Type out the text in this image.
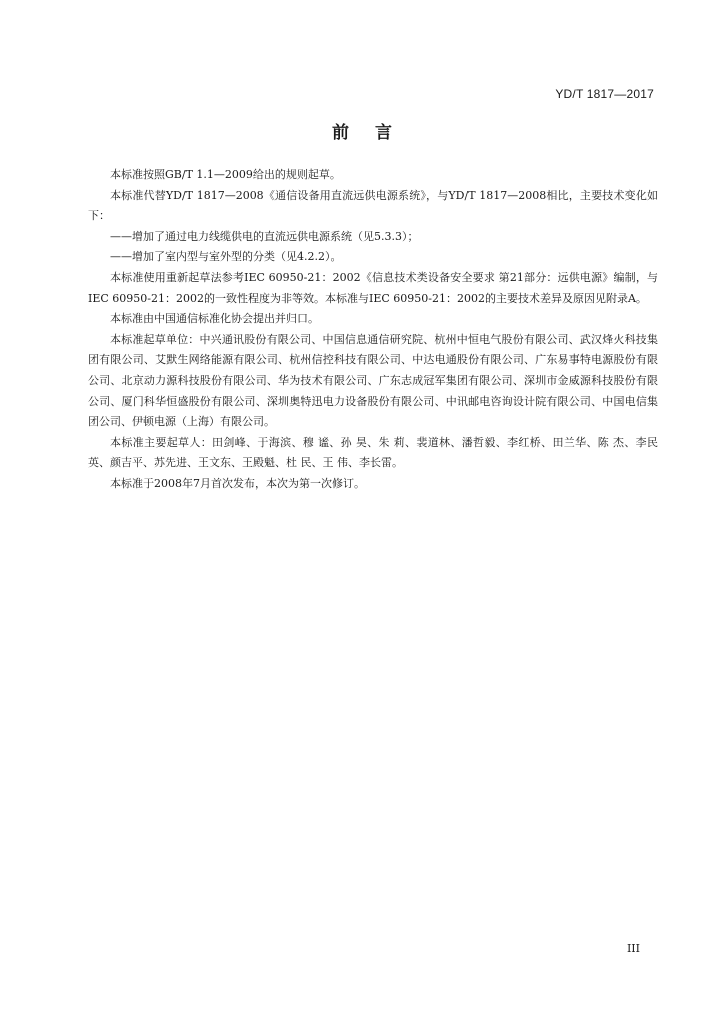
YD/T 1817—2017
前言

本标准按照GB/T 1.1—2009给出的规则起草。

本标准代替YD/T 1817—2008《通信设备用直流远供电源系统》，与YD/T 1817—2008相比，主要技术变化如下：

——增加了通过电力线缆供电的直流远供电源系统（见5.3.3）；

——增加了室内型与室外型的分类（见4.2.2）。

本标准使用重新起草法参考IEC 60950-21：2002《信息技术类设备安全要求 第21部分：远供电源》编制，与IEC 60950-21：2002的一致性程度为非等效。本标准与IEC 60950-21：2002的主要技术差异及原因见附录A。

本标准由中国通信标准化协会提出并归口。

本标准起草单位：中兴通讯股份有限公司、中国信息通信研究院、杭州中恒电气股份有限公司、武汉烽火科技集团有限公司、艾默生网络能源有限公司、杭州信控科技有限公司、中达电通股份有限公司、广东易事特电源股份有限公司、北京动力源科技股份有限公司、华为技术有限公司、广东志成冠军集团有限公司、深圳市金威源科技股份有限公司、厦门科华恒盛股份有限公司、深圳奥特迅电力设备股份有限公司、中讯邮电咨询设计院有限公司、中国电信集团公司、伊顿电源（上海）有限公司。

本标准主要起草人：田剑峰、于海滨、穆 谧、孙 昊、朱 莉、裴道林、潘哲毅、李红桥、田兰华、陈 杰、李民英、颜吉平、苏先进、王文东、王殿魁、杜 民、王 伟、李长雷。

本标准于2008年7月首次发布，本次为第一次修订。

III
